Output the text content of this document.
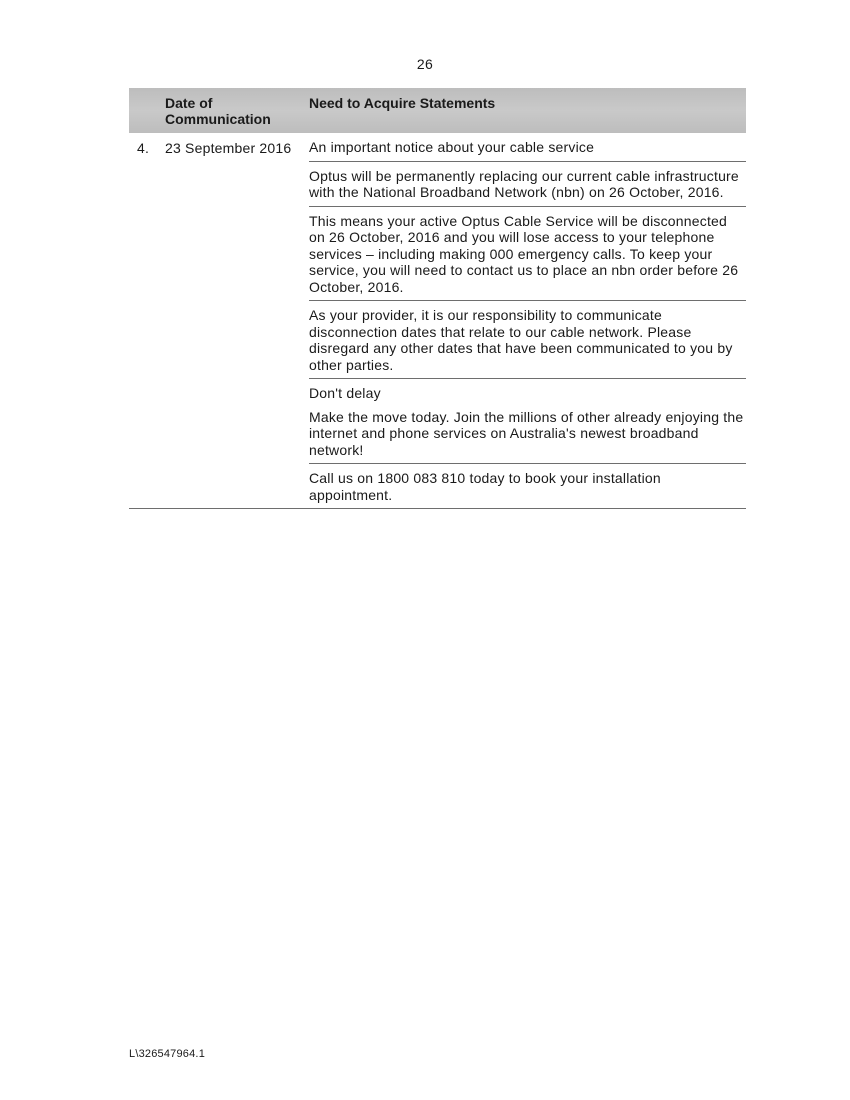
26
Date of Communication
Need to Acquire Statements
4.	23 September 2016	An important notice about your cable service

Optus will be permanently replacing our current cable infrastructure with the National Broadband Network (nbn) on 26 October, 2016.

This means your active Optus Cable Service will be disconnected on 26 October, 2016 and you will lose access to your telephone services – including making 000 emergency calls. To keep your service, you will need to contact us to place an nbn order before 26 October, 2016.

As your provider, it is our responsibility to communicate disconnection dates that relate to our cable network. Please disregard any other dates that have been communicated to you by other parties.

Don't delay

Make the move today. Join the millions of other already enjoying the internet and phone services on Australia's newest broadband network!

Call us on 1800 083 810 today to book your installation appointment.

L\326547964.1
